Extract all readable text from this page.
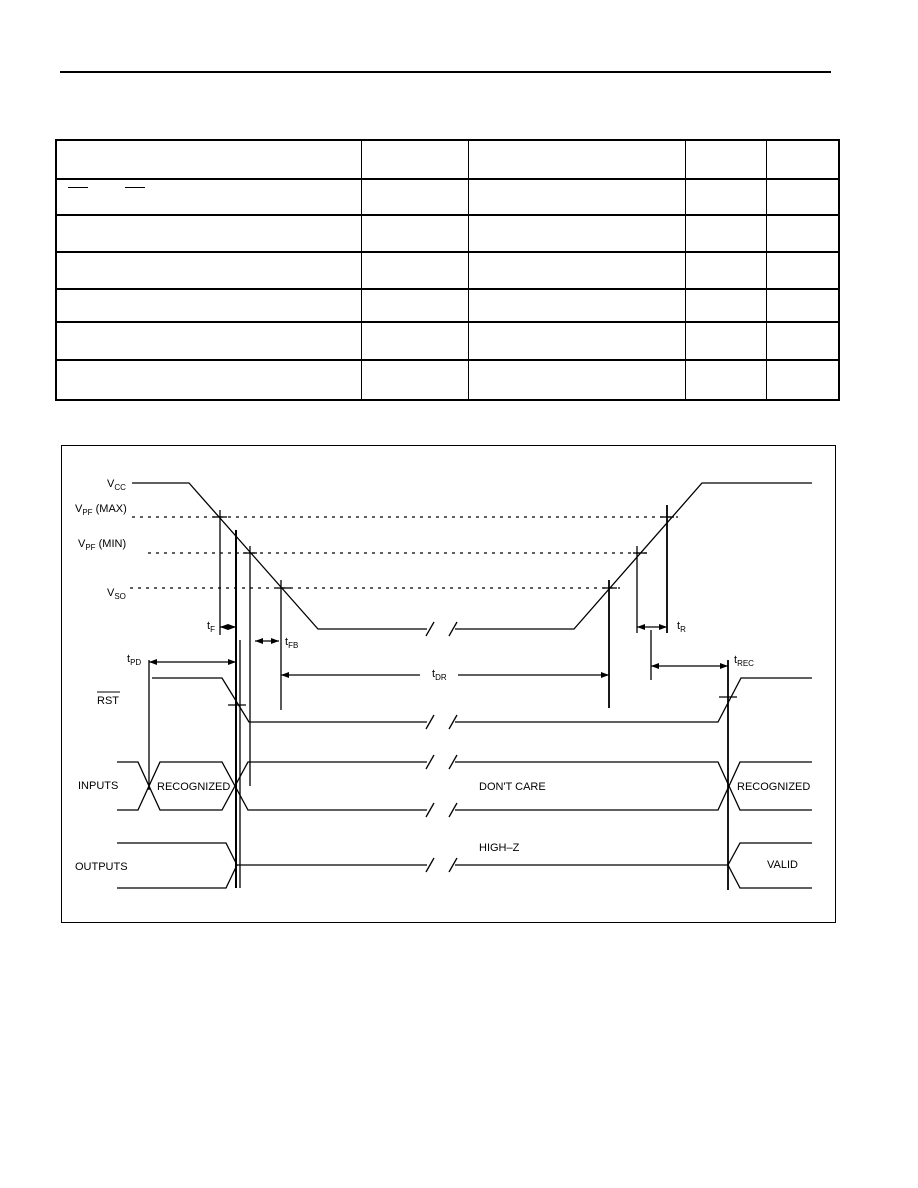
$V_{CC}$
$V_{PF}$ (MAX)
$V_{PF}$ (MIN)
$V_{SO}$
$t_F$
$t_{FB}$
$t_{PD}$
$t_{DR}$
$t_R$
$t_{REC}$
RST
INPUTS	RECOGNIZED	DON'T CARE	RECOGNIZED
OUTPUTS
HIGH–Z
VALID
